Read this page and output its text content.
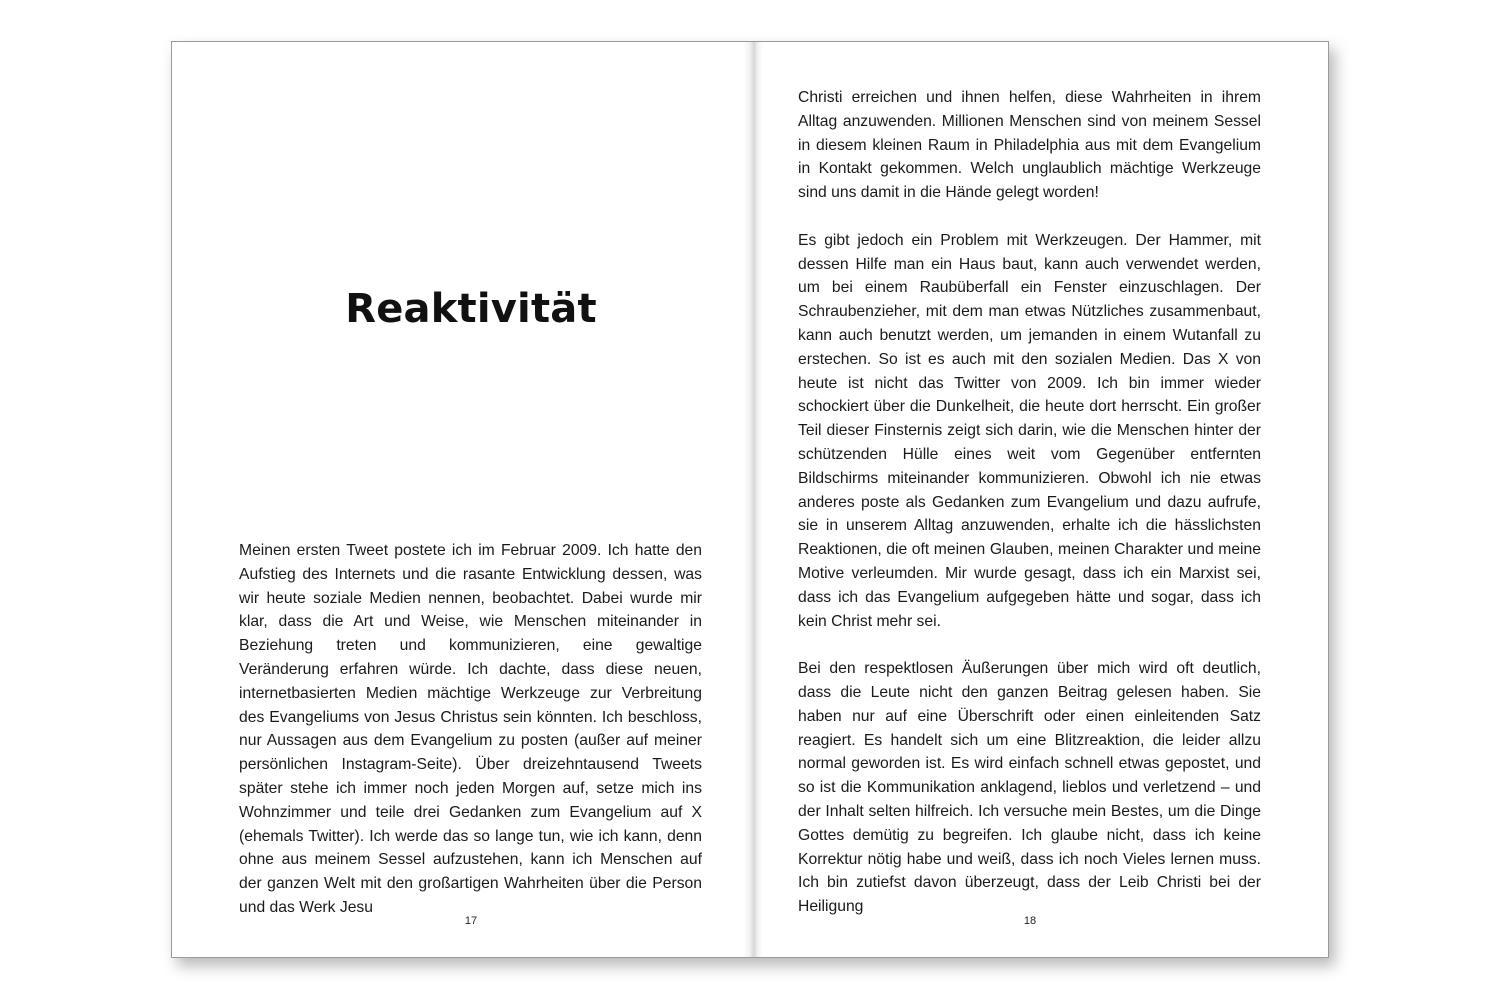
Reaktivität

Meinen ersten Tweet postete ich im Februar 2009. Ich hatte den Aufstieg des Internets und die rasante Entwicklung dessen, was wir heute soziale Medien nennen, beobachtet. Dabei wurde mir klar, dass die Art und Weise, wie Menschen miteinander in Beziehung treten und kommunizieren, eine gewaltige Veränderung erfahren würde. Ich dachte, dass diese neuen, internetbasierten Medien mächtige Werkzeuge zur Verbreitung des Evangeliums von Jesus Christus sein könnten. Ich beschloss, nur Aussagen aus dem Evangelium zu posten (außer auf meiner persönlichen Instagram-Seite). Über dreizehntausend Tweets später stehe ich immer noch jeden Morgen auf, setze mich ins Wohnzimmer und teile drei Gedanken zum Evangelium auf X (ehemals Twitter). Ich werde das so lange tun, wie ich kann, denn ohne aus meinem Sessel aufzustehen, kann ich Menschen auf der ganzen Welt mit den großartigen Wahrheiten über die Person und das Werk Jesu

17

Christi erreichen und ihnen helfen, diese Wahrheiten in ihrem Alltag anzuwenden. Millionen Menschen sind von meinem Sessel in diesem kleinen Raum in Philadelphia aus mit dem Evangelium in Kontakt gekommen. Welch unglaublich mächtige Werkzeuge sind uns damit in die Hände gelegt worden!

Es gibt jedoch ein Problem mit Werkzeugen. Der Hammer, mit dessen Hilfe man ein Haus baut, kann auch verwendet werden, um bei einem Raubüberfall ein Fenster einzuschlagen. Der Schraubenzieher, mit dem man etwas Nützliches zusammenbaut, kann auch benutzt werden, um jemanden in einem Wutanfall zu erstechen. So ist es auch mit den sozialen Medien. Das X von heute ist nicht das Twitter von 2009. Ich bin immer wieder schockiert über die Dunkelheit, die heute dort herrscht. Ein großer Teil dieser Finsternis zeigt sich darin, wie die Menschen hinter der schützenden Hülle eines weit vom Gegenüber entfernten Bildschirms miteinander kommunizieren. Obwohl ich nie etwas anderes poste als Gedanken zum Evangelium und dazu aufrufe, sie in unserem Alltag anzuwenden, erhalte ich die hässlichsten Reaktionen, die oft meinen Glauben, meinen Charakter und meine Motive verleumden. Mir wurde gesagt, dass ich ein Marxist sei, dass ich das Evangelium aufgegeben hätte und sogar, dass ich kein Christ mehr sei.

Bei den respektlosen Äußerungen über mich wird oft deutlich, dass die Leute nicht den ganzen Beitrag gelesen haben. Sie haben nur auf eine Überschrift oder einen einleitenden Satz reagiert. Es handelt sich um eine Blitzreaktion, die leider allzu normal geworden ist. Es wird einfach schnell etwas gepostet, und so ist die Kommunikation anklagend, lieblos und verletzend – und der Inhalt selten hilfreich. Ich versuche mein Bestes, um die Dinge Gottes demütig zu begreifen. Ich glaube nicht, dass ich keine Korrektur nötig habe und weiß, dass ich noch Vieles lernen muss. Ich bin zutiefst davon überzeugt, dass der Leib Christi bei der Heiligung

18
